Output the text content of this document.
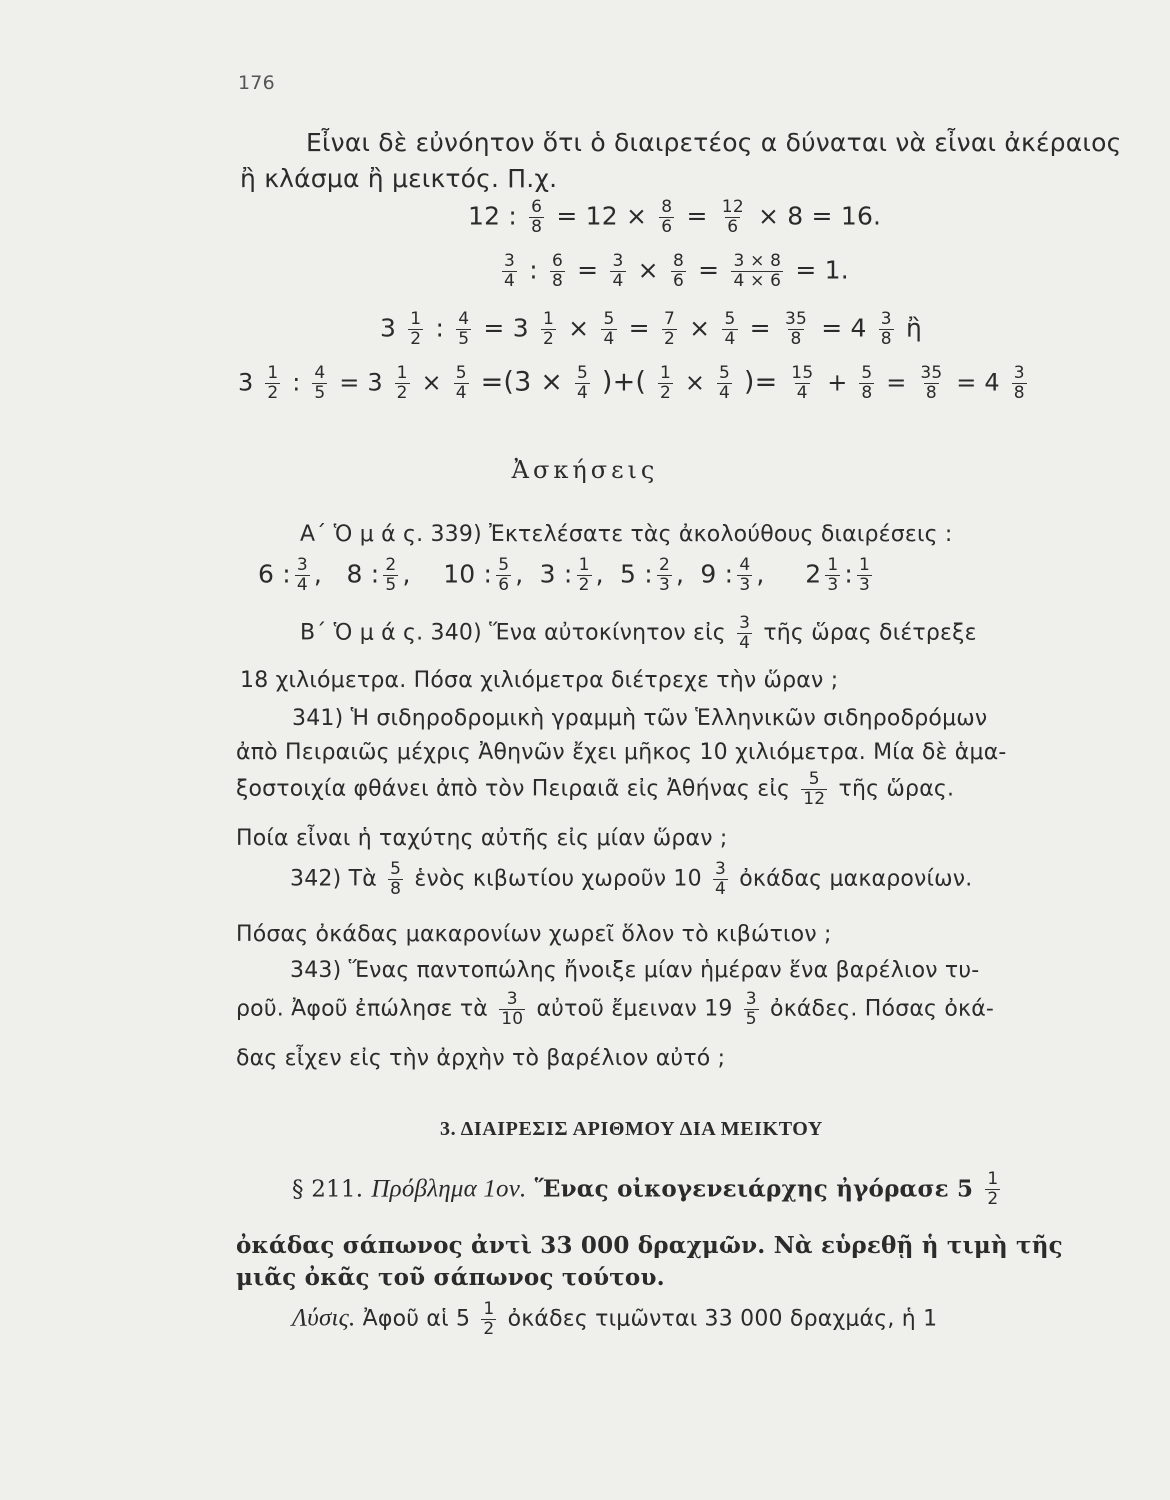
176
Εἶναι δὲ εὐνόητον ὅτι ὁ διαιρετέος α δύναται νὰ εἶναι ἀκέραιος
ἢ κλάσμα ἢ μεικτός. Π.χ.
12 : $\frac{6}{8} = 12 \times \frac{8}{6} = \frac{12}{6} \times 8 = 16$.
$\frac{3}{4}$ : $\frac{6}{8} = \frac{3}{4} \times \frac{8}{6} = \frac{3 \times 8}{4 \times 6} = 1$.
$3 \frac{1}{2}$ : $\frac{4}{5} = 3 \frac{1}{2} \times \frac{5}{4} = \frac{7}{2} \times \frac{5}{4} = \frac{35}{8} = 4 \frac{3}{8}$ ἢ
$3 \frac{1}{2}$ : $\frac{4}{5} = 3 \frac{1}{2} \times \frac{5}{4} =(3 \times \frac{5}{4}$ )+( $\frac{1}{2} \times \frac{5}{4}$ )= $\frac{15}{4} + \frac{5}{8} = \frac{35}{8} = 4 \frac{3}{8}$
Ἀσκήσεις
Α΄ Ὁ μ ά ς. 339) Ἐκτελέσατε τὰς ἀκολούθους διαιρέσεις :
6 : $\frac{3}{4}$ , 8 : $\frac{2}{5}$ , 10 : $\frac{5}{6}$ , 3 : $\frac{1}{2}$ , 5 : $\frac{2}{3}$ , 9 : $\frac{4}{3}$ , $2 \frac{1}{3}$ : $\frac{1}{3}$
Β΄ Ὁ μ ά ς. 340) Ἕνα αὐτοκίνητον εἰς $\frac{3}{4}$ τῆς ὥρας διέτρεξε
18 χιλιόμετρα. Πόσα χιλιόμετρα διέτρεχε τὴν ὥραν ;
341) Ἡ σιδηροδρομικὴ γραμμὴ τῶν Ἑλληνικῶν σιδηροδρόμων
ἀπὸ Πειραιῶς μέχρις Ἀθηνῶν ἔχει μῆκος 10 χιλιόμετρα. Μία δὲ ἁμα-
ξοστοιχία φθάνει ἀπὸ τὸν Πειραιᾶ εἰς Ἀθήνας εἰς $\frac{5}{12}$ τῆς ὥρας.
Ποία εἶναι ἡ ταχύτης αὐτῆς εἰς μίαν ὥραν ;
342) Τὰ $\frac{5}{8}$ ἑνὸς κιβωτίου χωροῦν $10 \frac{3}{4}$ ὀκάδας μακαρονίων.
Πόσας ὀκάδας μακαρονίων χωρεῖ ὅλον τὸ κιβώτιον ;
343) Ἕνας παντοπώλης ἤνοιξε μίαν ἡμέραν ἕνα βαρέλιον τυ-
ροῦ. Ἀφοῦ ἐπώλησε τὰ $\frac{3}{10}$ αὐτοῦ ἔμειναν $19 \frac{3}{5}$ ὀκάδες. Πόσας ὀκά-
δας εἶχεν εἰς τὴν ἀρχὴν τὸ βαρέλιον αὐτό ;
3. ΔΙΑΙΡΕΣΙΣ ΑΡΙΘΜΟΥ ΔΙΑ ΜΕΙΚΤΟΥ
§ 211. Πρόβλημα 1ον. Ἕνας οἰκογενειάρχης ἠγόρασε $5 \frac{1}{2}$
ὀκάδας σάπωνος ἀντὶ 33 000 δραχμῶν. Νὰ εὑρεθῇ ἡ τιμὴ τῆς
μιᾶς ὀκᾶς τοῦ σάπωνος τούτου.
Λύσις. Ἀφοῦ αἱ $5 \frac{1}{2}$ ὀκάδες τιμῶνται 33 000 δραχμάς, ἡ 1
